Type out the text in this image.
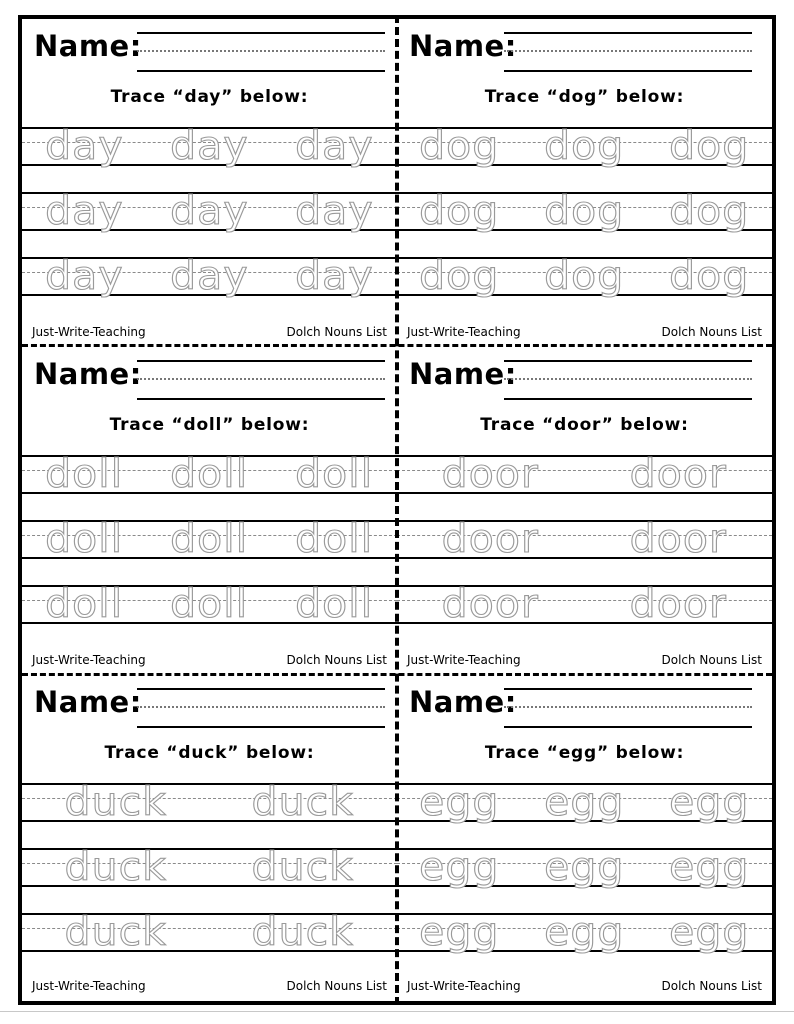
Name:
Trace “day” below:
day day day
day day day
day day day
Just-Write-Teaching	Dolch Nouns List
Name:
Trace “dog” below:
dog dog dog
dog dog dog
dog dog dog
Just-Write-Teaching	Dolch Nouns List
Name:
Trace “doll” below:
doll doll doll
doll doll doll
doll doll doll
Just-Write-Teaching	Dolch Nouns List
Name:
Trace “door” below:
door door
door door
door door
Just-Write-Teaching	Dolch Nouns List
Name:
Trace “duck” below:
duck duck
duck duck
duck duck
Just-Write-Teaching	Dolch Nouns List
Name:
Trace “egg” below:
egg egg egg
egg egg egg
egg egg egg
Just-Write-Teaching	Dolch Nouns List
